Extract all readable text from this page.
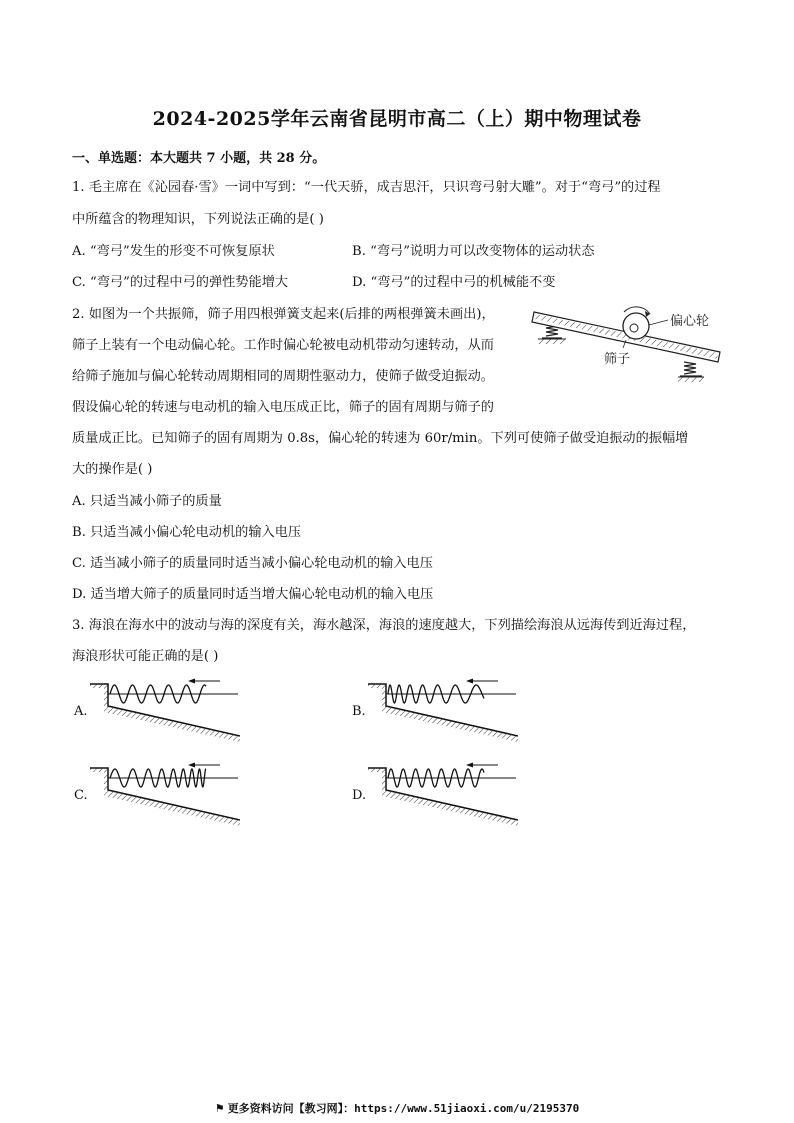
2024-2025学年云南省昆明市高二（上）期中物理试卷
一、单选题：本大题共 7 小题，共 28 分。
1. 毛主席在《沁园春·雪》一词中写到：“一代天骄，成吉思汗，只识弯弓射大雕”。对于“弯弓”的过程
中所蕴含的物理知识，下列说法正确的是( )
A. “弯弓”发生的形变不可恢复原状	B. “弯弓”说明力可以改变物体的运动状态
C. “弯弓”的过程中弓的弹性势能增大	D. “弯弓”的过程中弓的机械能不变
2. 如图为一个共振筛，筛子用四根弹簧支起来(后排的两根弹簧未画出)，
筛子上装有一个电动偏心轮。工作时偏心轮被电动机带动匀速转动，从而
给筛子施加与偏心轮转动周期相同的周期性驱动力，使筛子做受迫振动。
假设偏心轮的转速与电动机的输入电压成正比，筛子的固有周期与筛子的
质量成正比。已知筛子的固有周期为 0.8s，偏心轮的转速为 60r/min。下列可使筛子做受迫振动的振幅增
大的操作是( )
A. 只适当减小筛子的质量
B. 只适当减小偏心轮电动机的输入电压
C. 适当减小筛子的质量同时适当减小偏心轮电动机的输入电压
D. 适当增大筛子的质量同时适当增大偏心轮电动机的输入电压
偏心轮
筛子
3. 海浪在海水中的波动与海的深度有关，海水越深，海浪的速度越大，下列描绘海浪从远海传到近海过程，
海浪形状可能正确的是( )
A.	B.
C.	D.
⚑ 更多资料访问【教习网】：https://www.51jiaoxi.com/u/2195370
